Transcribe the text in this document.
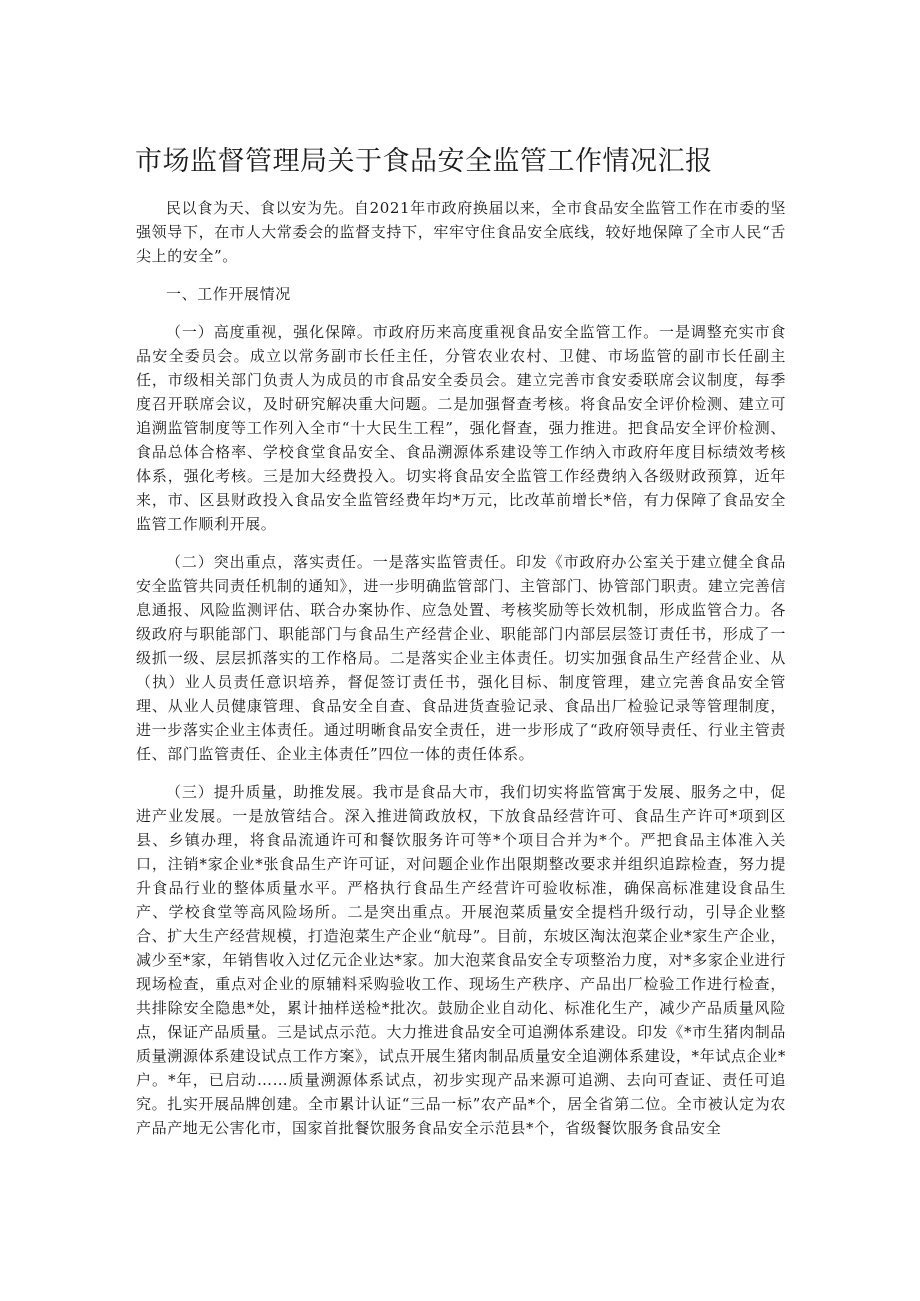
市场监督管理局关于食品安全监管工作情况汇报

民以食为天、食以安为先。自2021年市政府换届以来，全市食品安全监管工作在市委的坚强领导下，在市人大常委会的监督支持下，牢牢守住食品安全底线，较好地保障了全市人民“舌尖上的安全”。

一、工作开展情况

（一）高度重视，强化保障。市政府历来高度重视食品安全监管工作。一是调整充实市食品安全委员会。成立以常务副市长任主任，分管农业农村、卫健、市场监管的副市长任副主任，市级相关部门负责人为成员的市食品安全委员会。建立完善市食安委联席会议制度，每季度召开联席会议，及时研究解决重大问题。二是加强督查考核。将食品安全评价检测、建立可追溯监管制度等工作列入全市“十大民生工程”，强化督查，强力推进。把食品安全评价检测、食品总体合格率、学校食堂食品安全、食品溯源体系建设等工作纳入市政府年度目标绩效考核体系，强化考核。三是加大经费投入。切实将食品安全监管工作经费纳入各级财政预算，近年来，市、区县财政投入食品安全监管经费年均*万元，比改革前增长*倍，有力保障了食品安全监管工作顺利开展。

（二）突出重点，落实责任。一是落实监管责任。印发《市政府办公室关于建立健全食品安全监管共同责任机制的通知》，进一步明确监管部门、主管部门、协管部门职责。建立完善信息通报、风险监测评估、联合办案协作、应急处置、考核奖励等长效机制，形成监管合力。各级政府与职能部门、职能部门与食品生产经营企业、职能部门内部层层签订责任书，形成了一级抓一级、层层抓落实的工作格局。二是落实企业主体责任。切实加强食品生产经营企业、从（执）业人员责任意识培养，督促签订责任书，强化目标、制度管理，建立完善食品安全管理、从业人员健康管理、食品安全自查、食品进货查验记录、食品出厂检验记录等管理制度，进一步落实企业主体责任。通过明晰食品安全责任，进一步形成了“政府领导责任、行业主管责任、部门监管责任、企业主体责任”四位一体的责任体系。

（三）提升质量，助推发展。我市是食品大市，我们切实将监管寓于发展、服务之中，促进产业发展。一是放管结合。深入推进简政放权，下放食品经营许可、食品生产许可*项到区县、乡镇办理，将食品流通许可和餐饮服务许可等*个项目合并为*个。严把食品主体准入关口，注销*家企业*张食品生产许可证，对问题企业作出限期整改要求并组织追踪检查，努力提升食品行业的整体质量水平。严格执行食品生产经营许可验收标准，确保高标准建设食品生产、学校食堂等高风险场所。二是突出重点。开展泡菜质量安全提档升级行动，引导企业整合、扩大生产经营规模，打造泡菜生产企业“航母”。目前，东坡区淘汰泡菜企业*家生产企业，减少至*家，年销售收入过亿元企业达*家。加大泡菜食品安全专项整治力度，对*多家企业进行现场检查，重点对企业的原辅料采购验收工作、现场生产秩序、产品出厂检验工作进行检查，共排除安全隐患*处，累计抽样送检*批次。鼓励企业自动化、标准化生产，减少产品质量风险点，保证产品质量。三是试点示范。大力推进食品安全可追溯体系建设。印发《*市生猪肉制品质量溯源体系建设试点工作方案》，试点开展生猪肉制品质量安全追溯体系建设，*年试点企业*户。*年，已启动……质量溯源体系试点，初步实现产品来源可追溯、去向可查证、责任可追究。扎实开展品牌创建。全市累计认证“三品一标”农产品*个，居全省第二位。全市被认定为农产品产地无公害化市，国家首批餐饮服务食品安全示范县*个，省级餐饮服务食品安全
